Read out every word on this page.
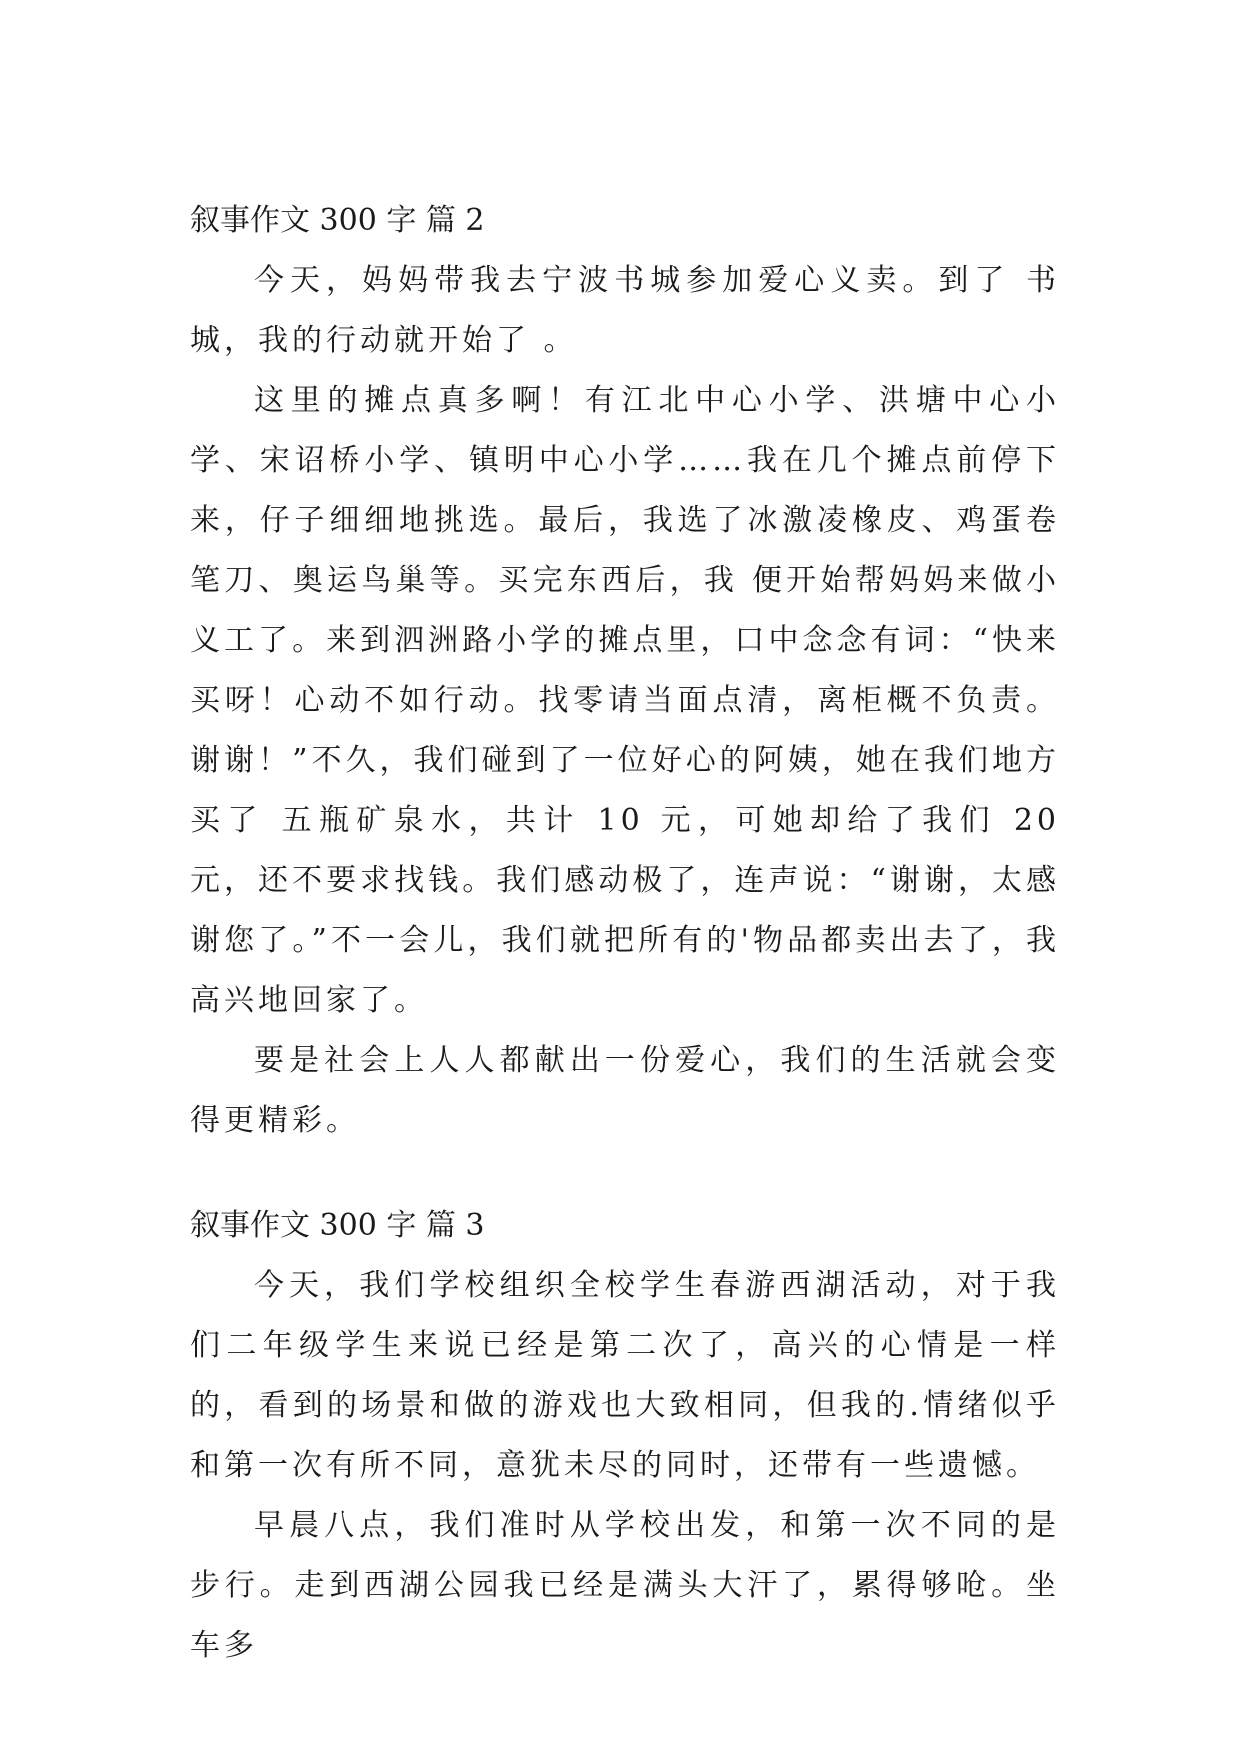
叙事作文 300 字 篇 2

今天，妈妈带我去宁波书城参加爱心义卖。到了 书城，我的行动就开始了 。

这里的摊点真多啊！有江北中心小学、洪塘中心小学、宋诏桥小学、镇明中心小学……我在几个摊点前停下来，仔子细细地挑选。最后，我选了冰激凌橡皮、鸡蛋卷笔刀、奥运鸟巢等。买完东西后，我 便开始帮妈妈来做小义工了。来到泗洲路小学的摊点里，口中念念有词：“快来买呀！心动不如行动。找零请当面点清，离柜概不负责。谢谢！”不久，我们碰到了一位好心的阿姨，她在我们地方买了 五瓶矿泉水，共计 10 元，可她却给了我们 20 元，还不要求找钱。我们感动极了，连声说：“谢谢，太感谢您了。”不一会儿，我们就把所有的'物品都卖出去了，我高兴地回家了。

要是社会上人人都献出一份爱心，我们的生活就会变得更精彩。

叙事作文 300 字 篇 3

今天，我们学校组织全校学生春游西湖活动，对于我们二年级学生来说已经是第二次了，高兴的心情是一样的，看到的场景和做的游戏也大致相同，但我的.情绪似乎和第一次有所不同，意犹未尽的同时，还带有一些遗憾。

早晨八点，我们准时从学校出发，和第一次不同的是步行。走到西湖公园我已经是满头大汗了，累得够呛。坐车多
